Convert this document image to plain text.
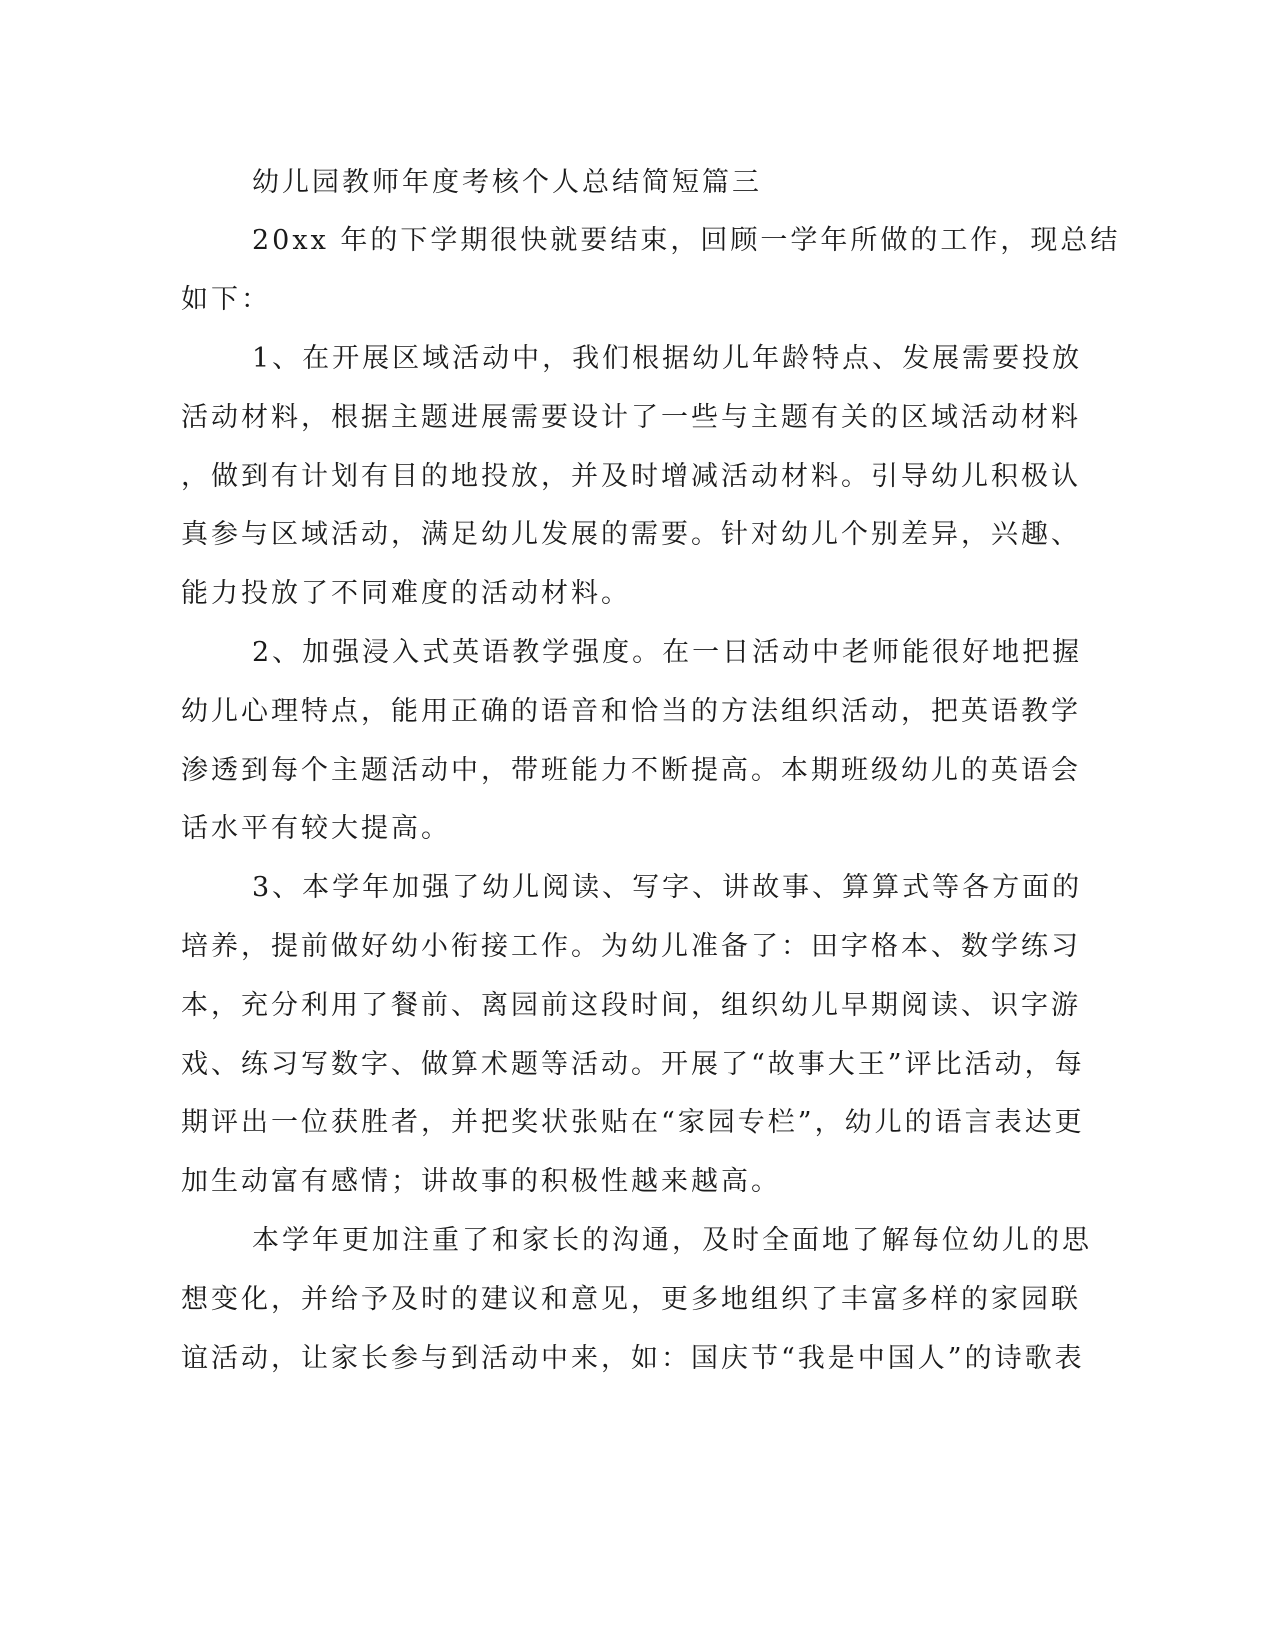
幼儿园教师年度考核个人总结简短篇三

20xx 年的下学期很快就要结束，回顾一学年所做的工作，现总结

如下：

1、在开展区域活动中，我们根据幼儿年龄特点、发展需要投放

活动材料，根据主题进展需要设计了一些与主题有关的区域活动材料

，做到有计划有目的地投放，并及时增减活动材料。引导幼儿积极认

真参与区域活动，满足幼儿发展的需要。针对幼儿个别差异，兴趣、

能力投放了不同难度的活动材料。

2、加强浸入式英语教学强度。在一日活动中老师能很好地把握

幼儿心理特点，能用正确的语音和恰当的方法组织活动，把英语教学

渗透到每个主题活动中，带班能力不断提高。本期班级幼儿的英语会

话水平有较大提高。

3、本学年加强了幼儿阅读、写字、讲故事、算算式等各方面的

培养，提前做好幼小衔接工作。为幼儿准备了：田字格本、数学练习

本，充分利用了餐前、离园前这段时间，组织幼儿早期阅读、识字游

戏、练习写数字、做算术题等活动。开展了“故事大王”评比活动，每

期评出一位获胜者，并把奖状张贴在“家园专栏”，幼儿的语言表达更

加生动富有感情；讲故事的积极性越来越高。

本学年更加注重了和家长的沟通，及时全面地了解每位幼儿的思

想变化，并给予及时的建议和意见，更多地组织了丰富多样的家园联

谊活动，让家长参与到活动中来，如：国庆节“我是中国人”的诗歌表
